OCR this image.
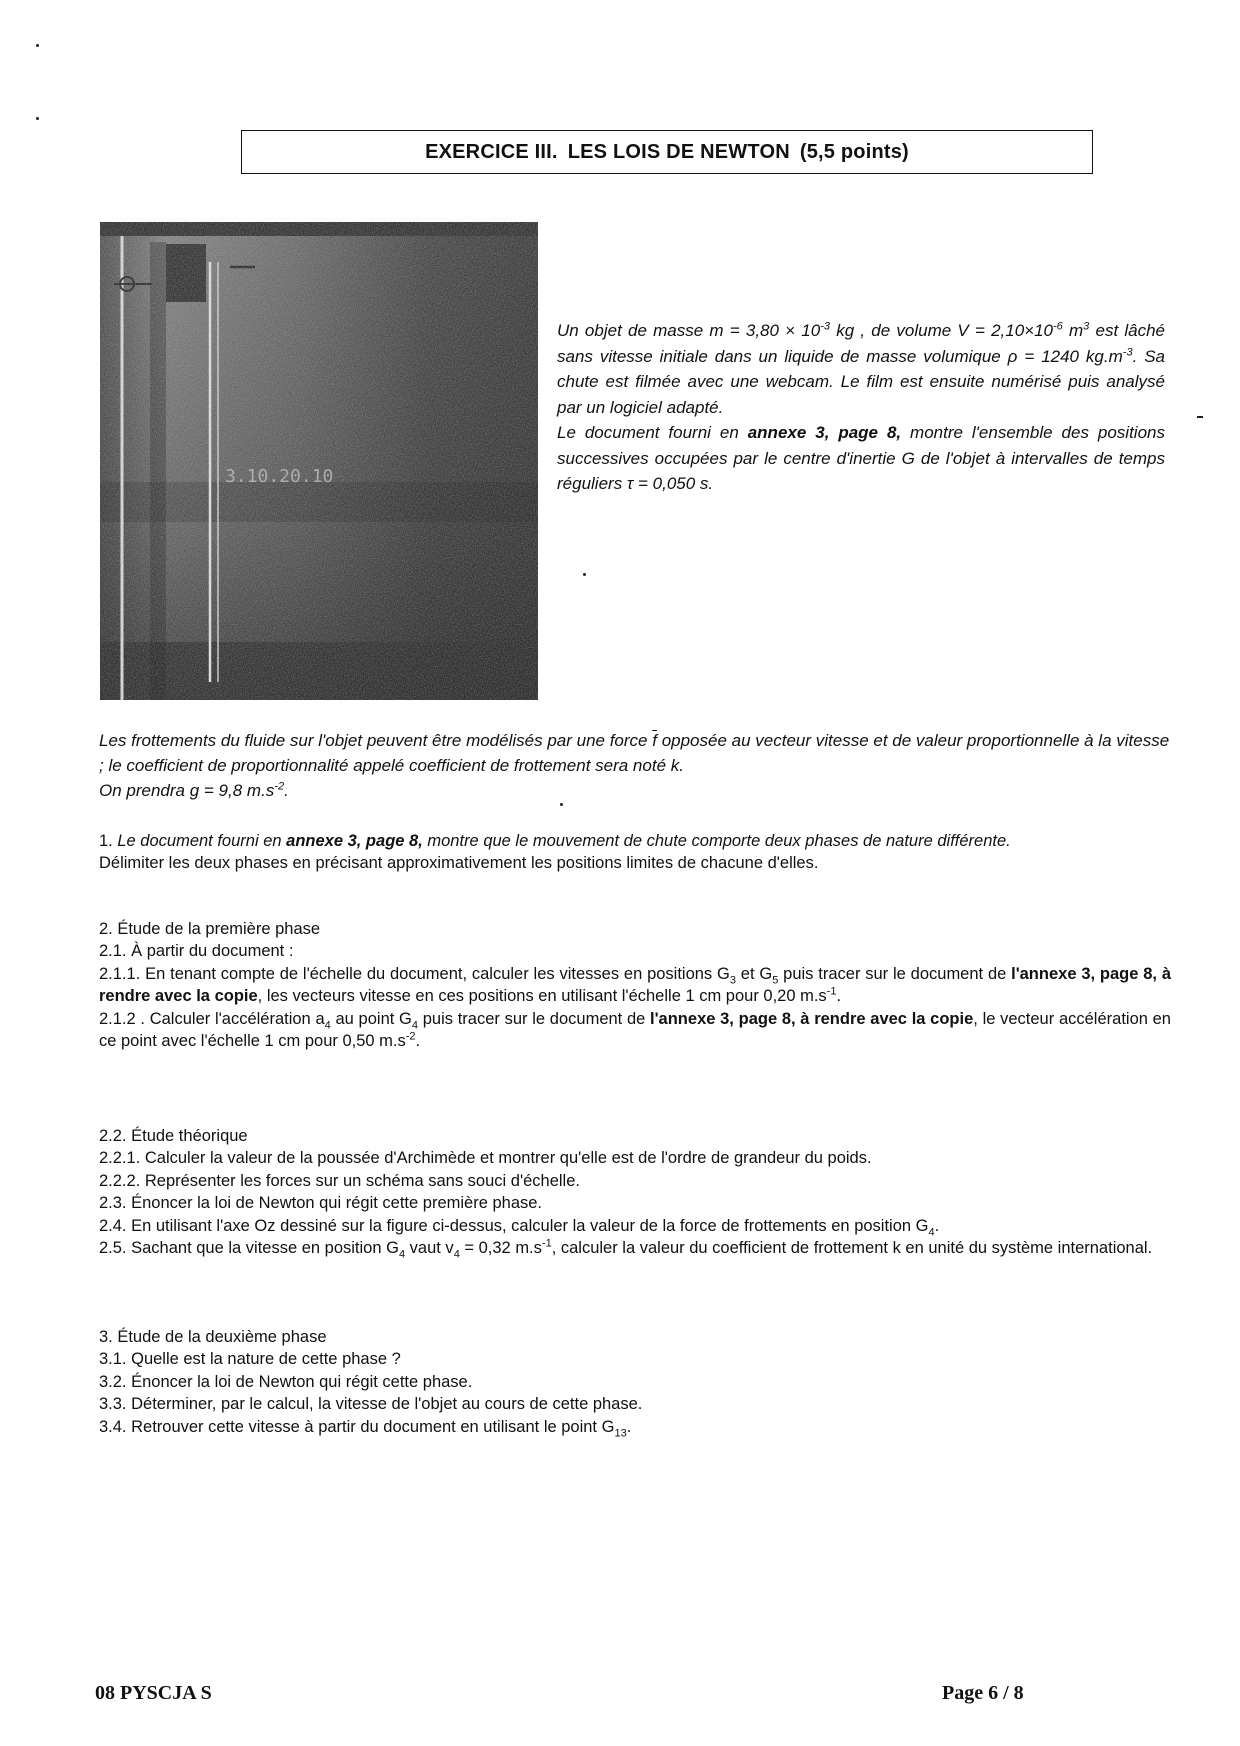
EXERCICE III. LES LOIS DE NEWTON (5,5 points)

Un objet de masse $m = 3,80 \times 10^{-3}$ kg , de volume $V = 2,10\times 10^{-6}$ $m^3$ est lâché sans vitesse initiale dans un liquide de masse volumique ρ = 1240 $kg.m^{-3}$. Sa chute est filmée avec une webcam. Le film est ensuite numérisé puis analysé par un logiciel adapté.

Le document fourni en annexe 3, page 8, montre l'ensemble des positions successives occupées par le centre d'inertie G de l'objet à intervalles de temps réguliers τ = 0,050 s.

Les frottements du fluide sur l'objet peuvent être modélisés par une force $\overline{f}$ opposée au vecteur vitesse et de valeur proportionnelle à la vitesse ; le coefficient de proportionnalité appelé coefficient de frottement sera noté k.

On prendra g = 9,8 $m.s^{-2}$.

1. Le document fourni en annexe 3, page 8, montre que le mouvement de chute comporte deux phases de nature différente.

Délimiter les deux phases en précisant approximativement les positions limites de chacune d'elles.

2. Étude de la première phase

2.1. À partir du document :

2.1.1. En tenant compte de l'échelle du document, calculer les vitesses en positions $G_3$ et $G_5$ puis tracer sur le document de l'annexe 3, page 8, à rendre avec la copie, les vecteurs vitesse en ces positions en utilisant l'échelle 1 cm pour 0,20 $m.s^{-1}$.

2.1.2 . Calculer l'accélération $a_4$ au point $G_4$ puis tracer sur le document de l'annexe 3, page 8, à rendre avec la copie, le vecteur accélération en ce point avec l'échelle 1 cm pour 0,50 $m.s^{-2}$.

2.2. Étude théorique

2.2.1. Calculer la valeur de la poussée d'Archimède et montrer qu'elle est de l'ordre de grandeur du poids.

2.2.2. Représenter les forces sur un schéma sans souci d'échelle.

2.3. Énoncer la loi de Newton qui régit cette première phase.

2.4. En utilisant l'axe Oz dessiné sur la figure ci-dessus, calculer la valeur de la force de frottements en position $G_4$.

2.5. Sachant que la vitesse en position $G_4$ vaut $v_4 = 0,32$ $m.s^{-1}$, calculer la valeur du coefficient de frottement k en unité du système international.

3. Étude de la deuxième phase

3.1. Quelle est la nature de cette phase ?

3.2. Énoncer la loi de Newton qui régit cette phase.

3.3. Déterminer, par le calcul, la vitesse de l'objet au cours de cette phase.

3.4. Retrouver cette vitesse à partir du document en utilisant le point $G_{13}$.

08 PYSCJA S	Page 6 / 8
